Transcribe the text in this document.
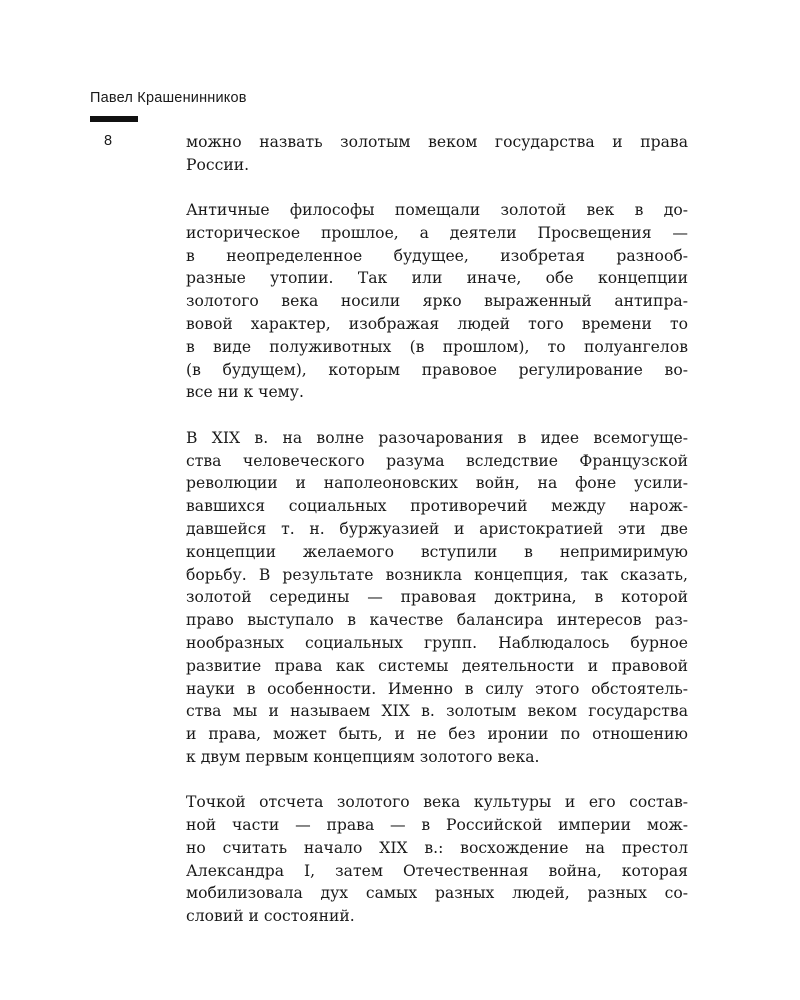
Павел Крашенинников
8	можно назвать золотым веком государства и права
России.

Античные философы помещали золотой век в до-
историческое прошлое, а деятели Просвещения —
в неопределенное будущее, изобретая разнооб-
разные утопии. Так или иначе, обе концепции
золотого века носили ярко выраженный антипра-
вовой характер, изображая людей того времени то
в виде полуживотных (в прошлом), то полуангелов
(в будущем), которым правовое регулирование во-
все ни к чему.

В XIX в. на волне разочарования в идее всемогуще-
ства человеческого разума вследствие Французской
революции и наполеоновских войн, на фоне усили-
вавшихся социальных противоречий между нарож-
давшейся т. н. буржуазией и аристократией эти две
концепции желаемого вступили в непримиримую
борьбу. В результате возникла концепция, так сказать,
золотой середины — правовая доктрина, в которой
право выступало в качестве балансира интересов раз-
нообразных социальных групп. Наблюдалось бурное
развитие права как системы деятельности и правовой
науки в особенности. Именно в силу этого обстоятель-
ства мы и называем XIX в. золотым веком государства
и права, может быть, и не без иронии по отношению
к двум первым концепциям золотого века.

Точкой отсчета золотого века культуры и его состав-
ной части — права — в Российской империи мож-
но считать начало XIX в.: восхождение на престол
Александра I, затем Отечественная война, которая
мобилизовала дух самых разных людей, разных со-
словий и состояний.
